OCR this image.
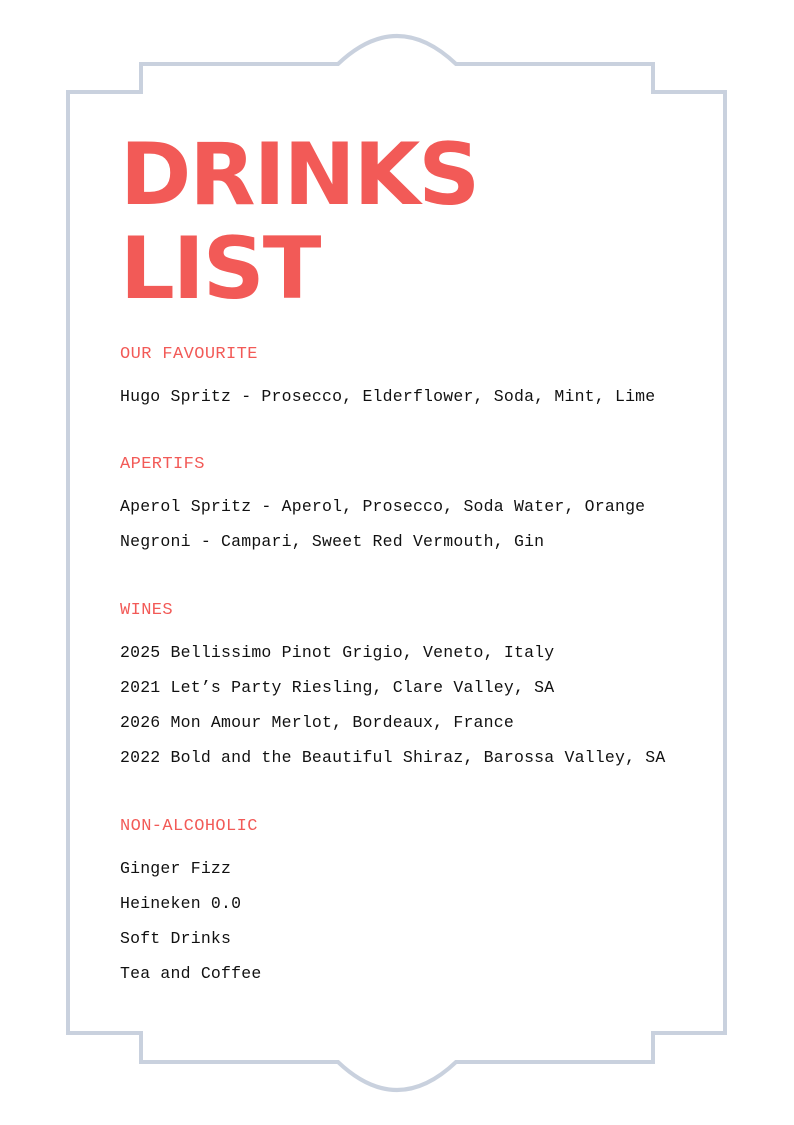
DRINKS
LIST
OUR FAVOURITE
Hugo Spritz - Prosecco, Elderflower, Soda, Mint, Lime
APERTIFS
Aperol Spritz - Aperol, Prosecco, Soda Water, Orange
Negroni - Campari, Sweet Red Vermouth, Gin
WINES
2025 Bellissimo Pinot Grigio, Veneto, Italy
2021 Let’s Party Riesling, Clare Valley, SA
2026 Mon Amour Merlot, Bordeaux, France
2022 Bold and the Beautiful Shiraz, Barossa Valley, SA
NON-ALCOHOLIC
Ginger Fizz
Heineken 0.0
Soft Drinks
Tea and Coffee
